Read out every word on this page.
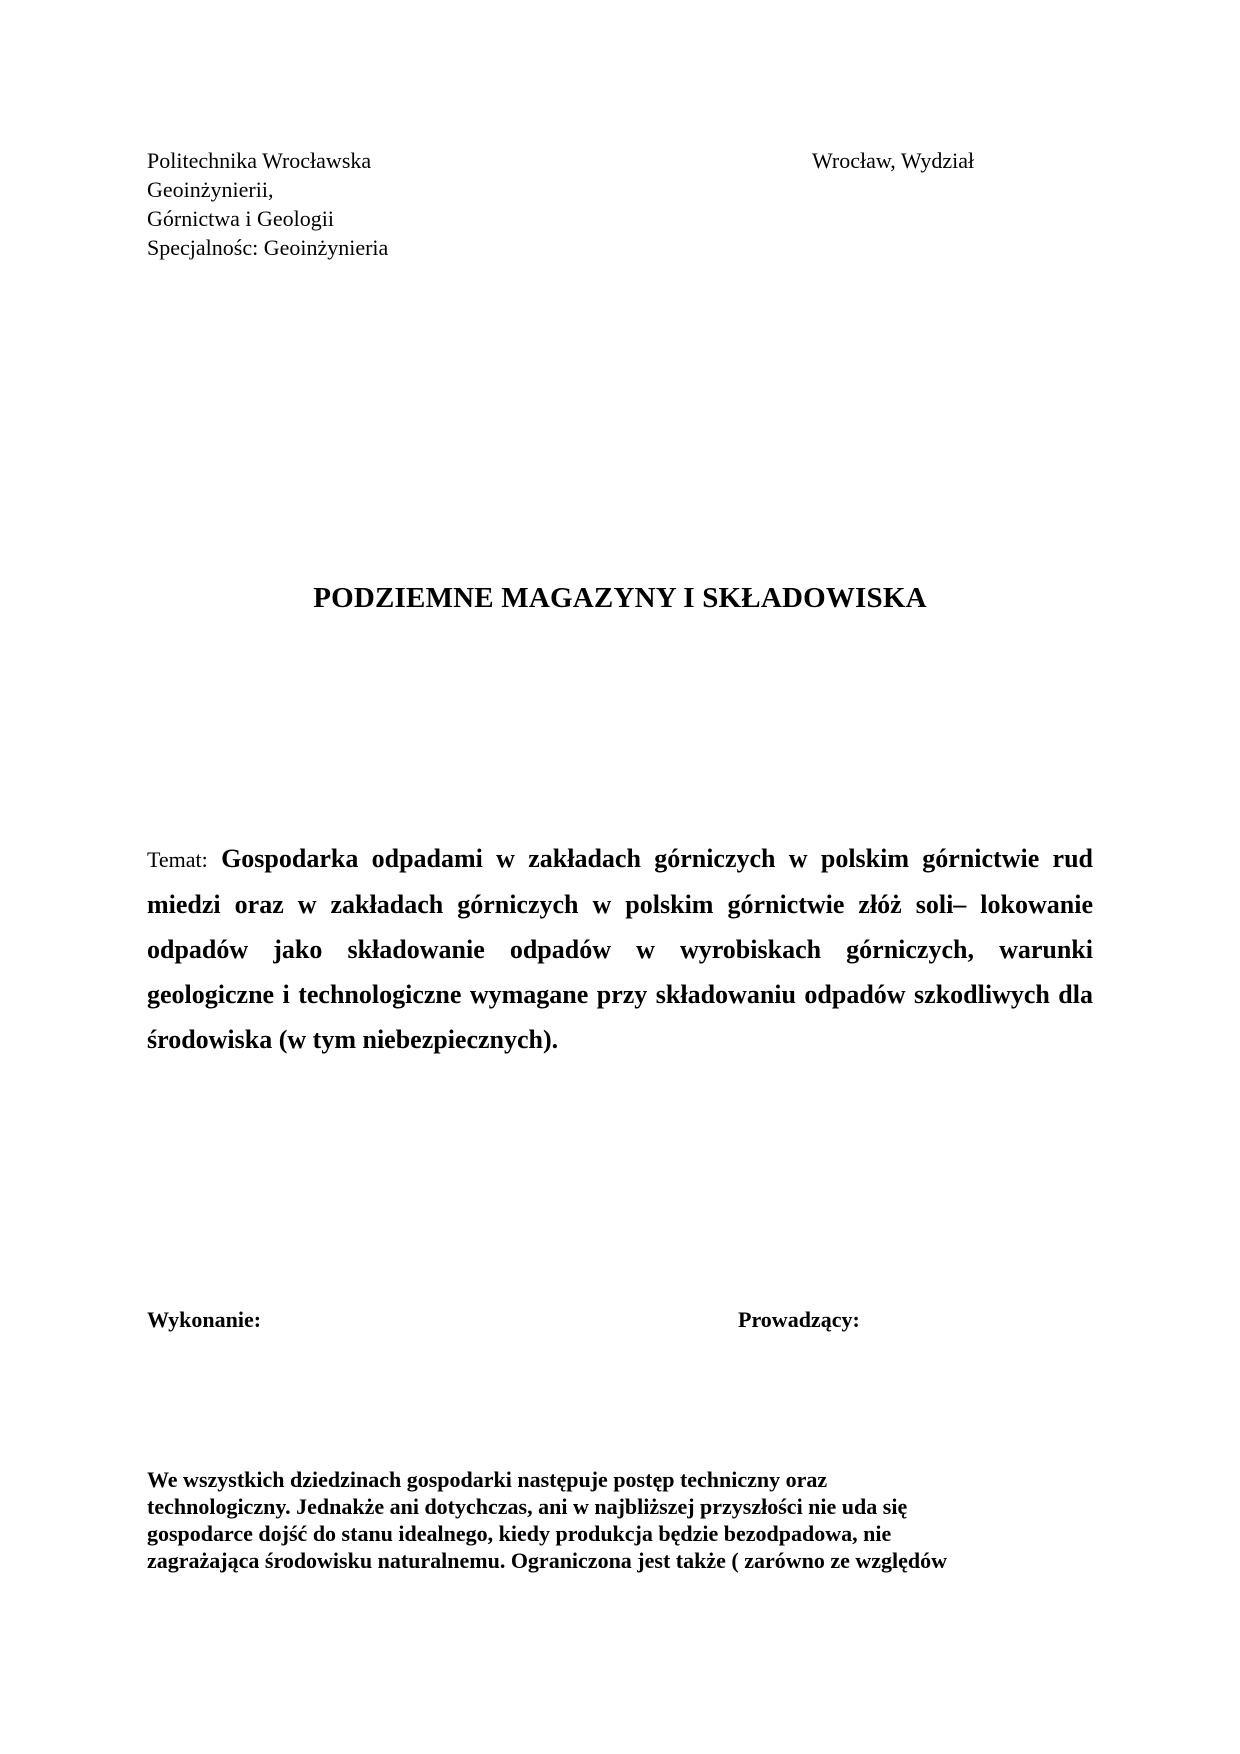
Politechnika Wrocławska
Geoinżynierii,
Górnictwa i Geologii
Specjalnośc: Geoinżynieria
Wrocław, Wydział
PODZIEMNE MAGAZYNY I SKŁADOWISKA
Temat: Gospodarka odpadami w zakładach górniczych w polskim górnictwie rud miedzi oraz w zakładach górniczych w polskim górnictwie złóż soli– lokowanie odpadów jako składowanie odpadów w wyrobiskach górniczych, warunki geologiczne i technologiczne wymagane przy składowaniu odpadów szkodliwych dla środowiska (w tym niebezpiecznych).
Wykonanie:	Prowadzący:
We wszystkich dziedzinach gospodarki następuje postęp techniczny oraz
technologiczny. Jednakże ani dotychczas, ani w najbliższej przyszłości nie uda się
gospodarce dojść do stanu idealnego, kiedy produkcja będzie bezodpadowa, nie
zagrażająca środowisku naturalnemu. Ograniczona jest także ( zarówno ze względów
